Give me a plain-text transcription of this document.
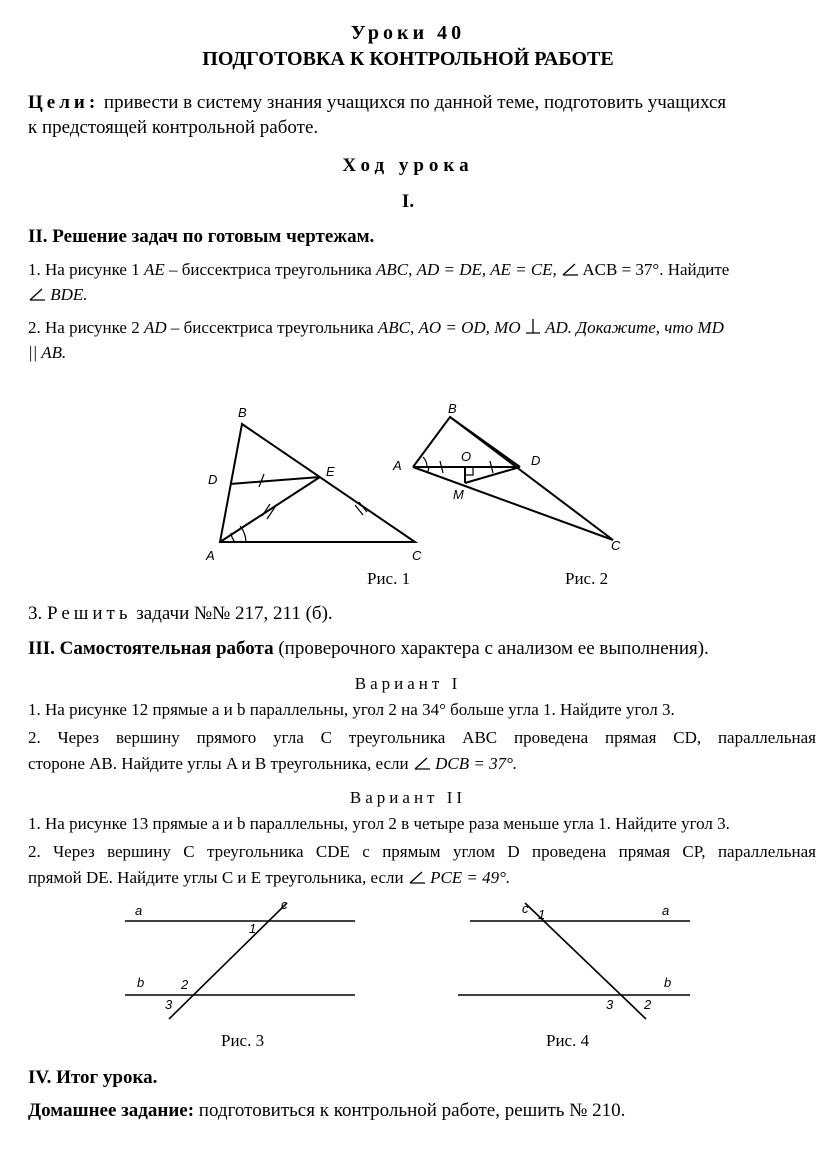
Уроки 40
ПОДГОТОВКА К КОНТРОЛЬНОЙ РАБОТЕ
Цели: привести в систему знания учащихся по данной теме, подготовить учащихся
к предстоящей контрольной работе.
Ход урока
I.
II. Решение задач по готовым чертежам.
1. На рисунке 1 AE – биссектриса треугольника ABC, AD = DE, AE = CE, ACB = 37°. Найдите
BDE.
2. На рисунке 2 AD – биссектриса треугольника ABC, AO = OD, MO AD. Докажите, что MD
|| AB.
B
D
E
A	C
Рис. 1
B
A
O	D
M
C
Рис. 2
3. Решить задачи №№ 217, 211 (б).
III. Самостоятельная работа (проверочного характера с анализом ее выполнения).
Вариант I
1. На рисунке 12 прямые a и b параллельны, угол 2 на 34° больше угла 1. Найдите угол 3.
2. Через вершину прямого угла C треугольника ABC проведена прямая CD, параллельная
стороне AB. Найдите углы A и B треугольника, если DCB = 37°.
Вариант II
1. На рисунке 13 прямые a и b параллельны, угол 2 в четыре раза меньше угла 1. Найдите угол 3.
2. Через вершину C треугольника CDE с прямым углом D проведена прямая CP, параллельная
прямой DE. Найдите углы C и E треугольника, если PCE = 49°.
a
b
c
1
2
3
Рис. 3
a
b
c 1
2
3
Рис. 4
IV. Итог урока.
Домашнее задание: подготовиться к контрольной работе, решить № 210.
